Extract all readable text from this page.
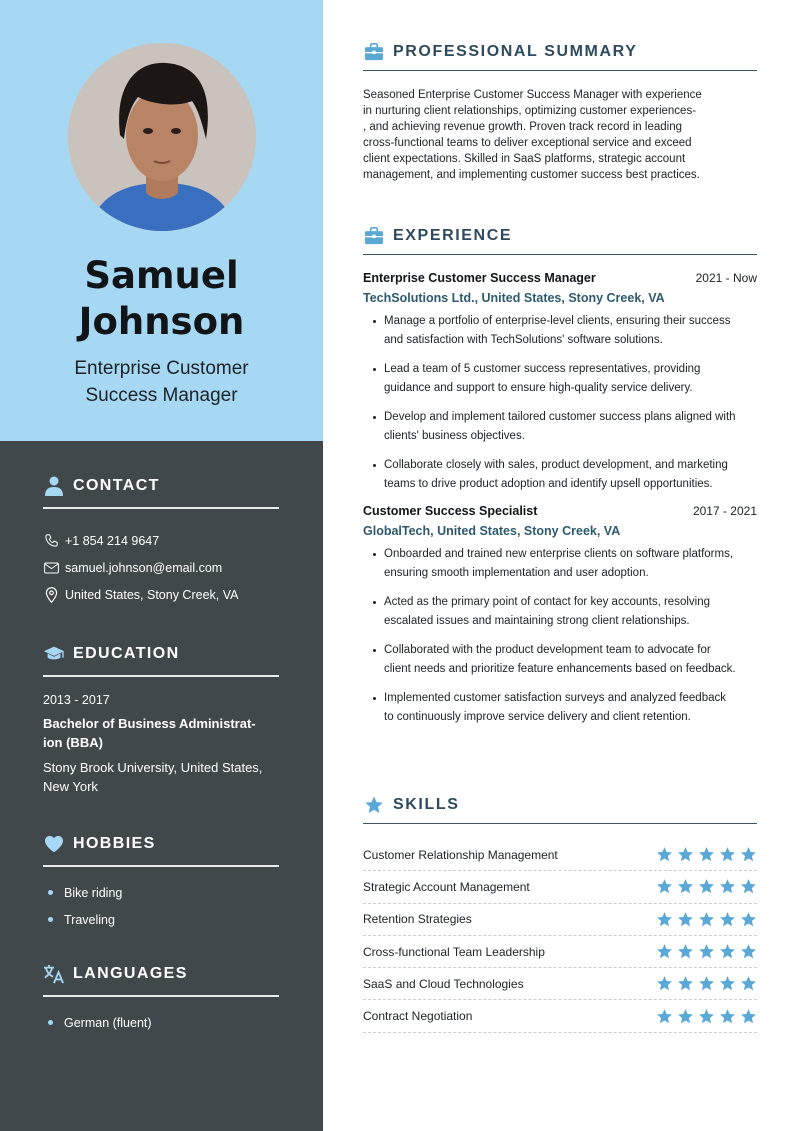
Samuel
Johnson
Enterprise Customer
Success Manager
CONTACT
+1 854 214 9647
samuel.johnson@email.com
United States, Stony Creek, VA
EDUCATION
2013 - 2017
Bachelor of Business Administrat-
ion (BBA)
Stony Brook University, United States,
New York
HOBBIES
Bike riding
Traveling
LANGUAGES
German (fluent)
PROFESSIONAL SUMMARY
Seasoned Enterprise Customer Success Manager with experience
in nurturing client relationships, optimizing customer experiences-
, and achieving revenue growth. Proven track record in leading
cross-functional teams to deliver exceptional service and exceed
client expectations. Skilled in SaaS platforms, strategic account
management, and implementing customer success best practices.
EXPERIENCE
Enterprise Customer Success Manager	2021 - Now
TechSolutions Ltd., United States, Stony Creek, VA
Manage a portfolio of enterprise-level clients, ensuring their success
and satisfaction with TechSolutions' software solutions.
Lead a team of 5 customer success representatives, providing
guidance and support to ensure high-quality service delivery.
Develop and implement tailored customer success plans aligned with
clients' business objectives.
Collaborate closely with sales, product development, and marketing
teams to drive product adoption and identify upsell opportunities.
Customer Success Specialist	2017 - 2021
GlobalTech, United States, Stony Creek, VA
Onboarded and trained new enterprise clients on software platforms,
ensuring smooth implementation and user adoption.
Acted as the primary point of contact for key accounts, resolving
escalated issues and maintaining strong client relationships.
Collaborated with the product development team to advocate for
client needs and prioritize feature enhancements based on feedback.
Implemented customer satisfaction surveys and analyzed feedback
to continuously improve service delivery and client retention.
SKILLS
Customer Relationship Management
Strategic Account Management
Retention Strategies
Cross-functional Team Leadership
SaaS and Cloud Technologies
Contract Negotiation
